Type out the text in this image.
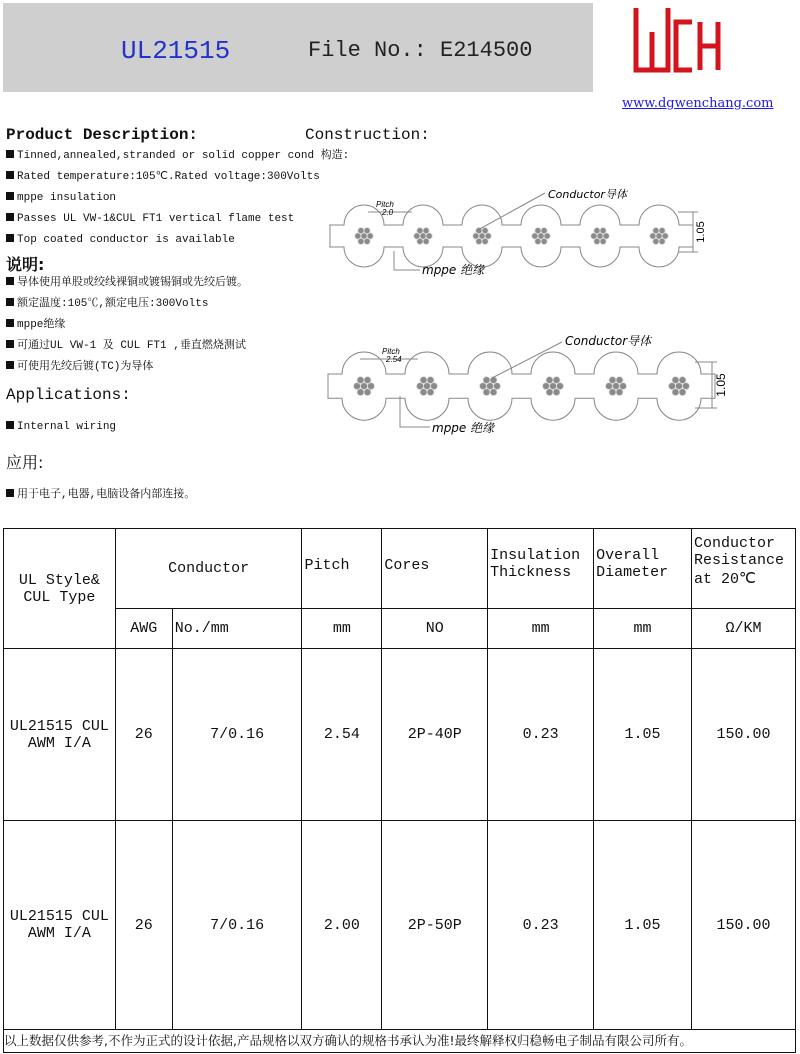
UL21515	File No.: E214500
www.dgwenchang.com
Product Description:	Construction:
Tinned,annealed,stranded or solid copper cond 构造:
Rated temperature:105℃.Rated voltage:300Volts
mppe insulation
Passes UL VW-1&CUL FT1 vertical flame test
Top coated conductor is available
说明:
导体使用单股或绞线裸铜或镀锡铜或先绞后镀。
额定温度:105℃,额定电压:300Volts
mppe绝缘
可通过UL VW-1 及 CUL FT1 ,垂直燃烧测试
可使用先绞后镀(TC)为导体
Applications:
Internal wiring
应用:
用于电子,电器,电脑设备内部连接。
1.05
Pitch
2.0
Conductor导体
mppe 绝缘
1.05
Pitch
2.54
Conductor导体
mppe 绝缘
UL Style& CUL Type	Conductor		Pitch	Cores	Insulation Thickness	Overall Diameter	Conductor Resistance at 20℃
	AWG	No./mm	mm	NO	mm	mm	Ω/KM
UL21515 CUL AWM I/A	26	7/0.16	2.54	2P-40P	0.23	1.05	150.00
UL21515 CUL AWM I/A	26	7/0.16	2.00	2P-50P	0.23	1.05	150.00
以上数据仅供参考,不作为正式的设计依据,产品规格以双方确认的规格书承认为准!最终解释权归稳畅电子制品有限公司所有。
